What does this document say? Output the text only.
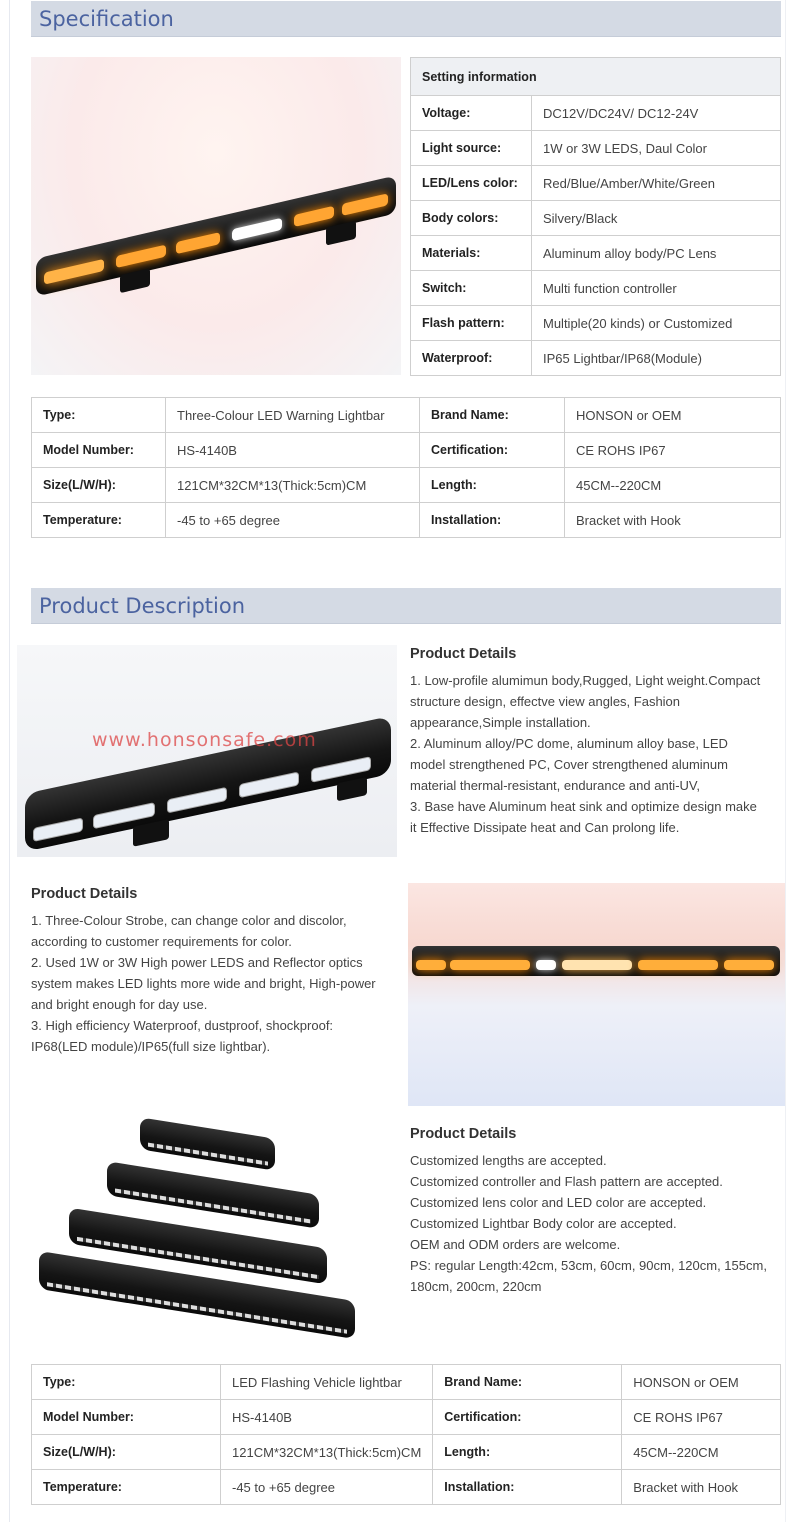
Specification
Setting information	
Voltage:	DC12V/DC24V/ DC12-24V
Light source:	1W or 3W LEDS, Daul Color
LED/Lens color:	Red/Blue/Amber/White/Green
Body colors:	Silvery/Black
Materials:	Aluminum alloy body/PC Lens
Switch:	Multi function controller
Flash pattern:	Multiple(20 kinds) or Customized
Waterproof:	IP65 Lightbar/IP68(Module)
Type:	Three-Colour LED Warning Lightbar	Brand Name:	HONSON or OEM
Model Number:	HS-4140B	Certification:	CE ROHS IP67
Size(L/W/H):	121CM*32CM*13(Thick:5cm)CM	Length:	45CM--220CM
Temperature:	-45 to +65 degree	Installation:	Bracket with Hook
Product Description
www.honsonsafe.com
Product Details

1. Low-profile alumimun body,Rugged, Light weight.Compact

structure design, effectve view angles, Fashion

appearance,Simple installation.

2. Aluminum alloy/PC dome, aluminum alloy base, LED

model strengthened PC, Cover strengthened aluminum

material thermal-resistant, endurance and anti-UV,

3. Base have Aluminum heat sink and optimize design make

it Effective Dissipate heat and Can prolong life.

Product Details

1. Three-Colour Strobe, can change color and discolor,

according to customer requirements for color.

2. Used 1W or 3W High power LEDS and Reflector optics

system makes LED lights more wide and bright, High-power

and bright enough for day use.

3. High efficiency Waterproof, dustproof, shockproof:

IP68(LED module)/IP65(full size lightbar).

Product Details

Customized lengths are accepted.

Customized controller and Flash pattern are accepted.

Customized lens color and LED color are accepted.

Customized Lightbar Body color are accepted.

OEM and ODM orders are welcome.

PS: regular Length:42cm, 53cm, 60cm, 90cm, 120cm, 155cm,

180cm, 200cm, 220cm

Type:	LED Flashing Vehicle lightbar	Brand Name:	HONSON or OEM
Model Number:	HS-4140B	Certification:	CE ROHS IP67
Size(L/W/H):	121CM*32CM*13(Thick:5cm)CM	Length:	45CM--220CM
Temperature:	-45 to +65 degree	Installation:	Bracket with Hook
